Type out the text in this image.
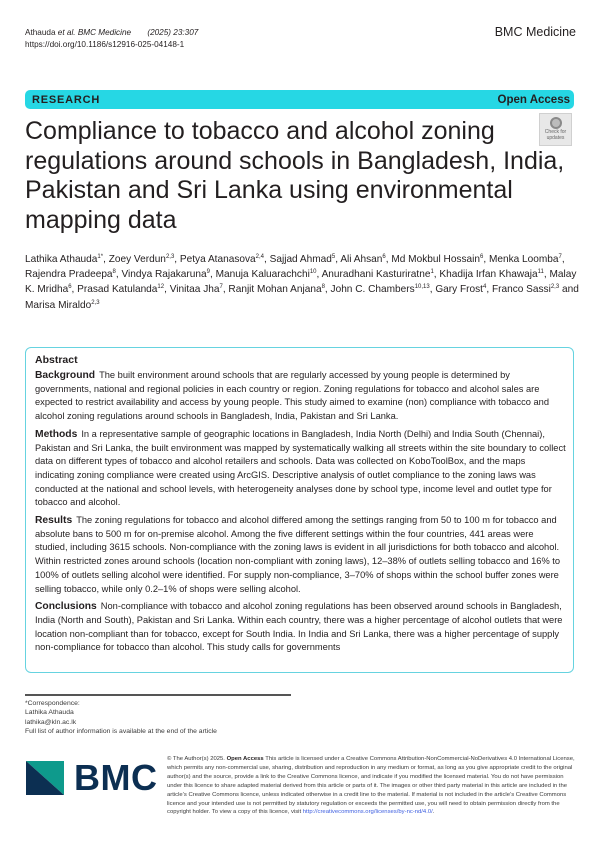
Athauda et al. BMC Medicine (2025) 23:307
https://doi.org/10.1186/s12916-025-04148-1
BMC Medicine
RESEARCH	Open Access
Check for
updates
Compliance to tobacco and alcohol zoning regulations around schools in Bangladesh, India, Pakistan and Sri Lanka using environmental mapping data
Lathika Athauda$^{1*}$, Zoey Verdun$^{2,3}$, Petya Atanasova$^{2,4}$, Sajjad Ahmad$^5$, Ali Ahsan$^6$, Md Mokbul Hossain$^6$, Menka Loomba$^7$, Rajendra Pradeepa$^8$, Vindya Rajakaruna$^9$, Manuja Kaluarachchi$^{10}$, Anuradhani Kasturiratne$^1$, Khadija Irfan Khawaja$^{11}$, Malay K. Mridha$^6$, Prasad Katulanda$^{12}$, Vinitaa Jha$^7$, Ranjit Mohan Anjana$^8$, John C. Chambers$^{10,13}$, Gary Frost$^4$, Franco Sassi$^{2,3}$ and Marisa Miraldo$^{2,3}$
Abstract

Background The built environment around schools that are regularly accessed by young people is determined by governments, national and regional policies in each country or region. Zoning regulations for tobacco and alcohol sales are expected to restrict availability and access by young people. This study aimed to examine (non) compliance with tobacco and alcohol zoning regulations around schools in Bangladesh, India, Pakistan and Sri Lanka.

Methods In a representative sample of geographic locations in Bangladesh, India North (Delhi) and India South (Chennai), Pakistan and Sri Lanka, the built environment was mapped by systematically walking all streets within the site boundary to collect data on different types of tobacco and alcohol retailers and schools. Data was collected on KoboToolBox, and the maps indicating zoning compliance were created using ArcGIS. Descriptive analysis of outlet compliance to the zoning laws was conducted at the national and school levels, with heterogeneity analyses done by school type, income level and outlet type for tobacco and alcohol.

Results The zoning regulations for tobacco and alcohol differed among the settings ranging from 50 to 100 m for tobacco and absolute bans to 500 m for on-premise alcohol. Among the five different settings within the four countries, 441 areas were studied, including 3615 schools. Non-compliance with the zoning laws is evident in all jurisdictions for both tobacco and alcohol. Within restricted zones around schools (location non-compliant with zoning laws), 12–38% of outlets selling tobacco and 16% to 100% of outlets selling alcohol were identified. For supply non-compliance, 3–70% of shops within the school buffer zones were selling tobacco, while only 0.2–1% of shops were selling alcohol.

Conclusions Non-compliance with tobacco and alcohol zoning regulations has been observed around schools in Bangladesh, India (North and South), Pakistan and Sri Lanka. Within each country, there was a higher percentage of alcohol outlets that were location non-compliant than for tobacco, except for South India. In India and Sri Lanka, there was a higher percentage of supply non-compliance for tobacco than alcohol. This study calls for governments

*Correspondence:
Lathika Athauda
lathika@kln.ac.lk
Full list of author information is available at the end of the article
BMC © The Author(s) 2025. Open Access This article is licensed under a Creative Commons Attribution-NonCommercial-NoDerivatives 4.0 International License, which permits any non-commercial use, sharing, distribution and reproduction in any medium or format, as long as you give appropriate credit to the original author(s) and the source, provide a link to the Creative Commons licence, and indicate if you modified the licensed material. You do not have permission under this licence to share adapted material derived from this article or parts of it. The images or other third party material in this article are included in the article’s Creative Commons licence, unless indicated otherwise in a credit line to the material. If material is not included in the article’s Creative Commons licence and your intended use is not permitted by statutory regulation or exceeds the permitted use, you will need to obtain permission directly from the copyright holder. To view a copy of this licence, visit http://creativecommons.org/licenses/by-nc-nd/4.0/.
